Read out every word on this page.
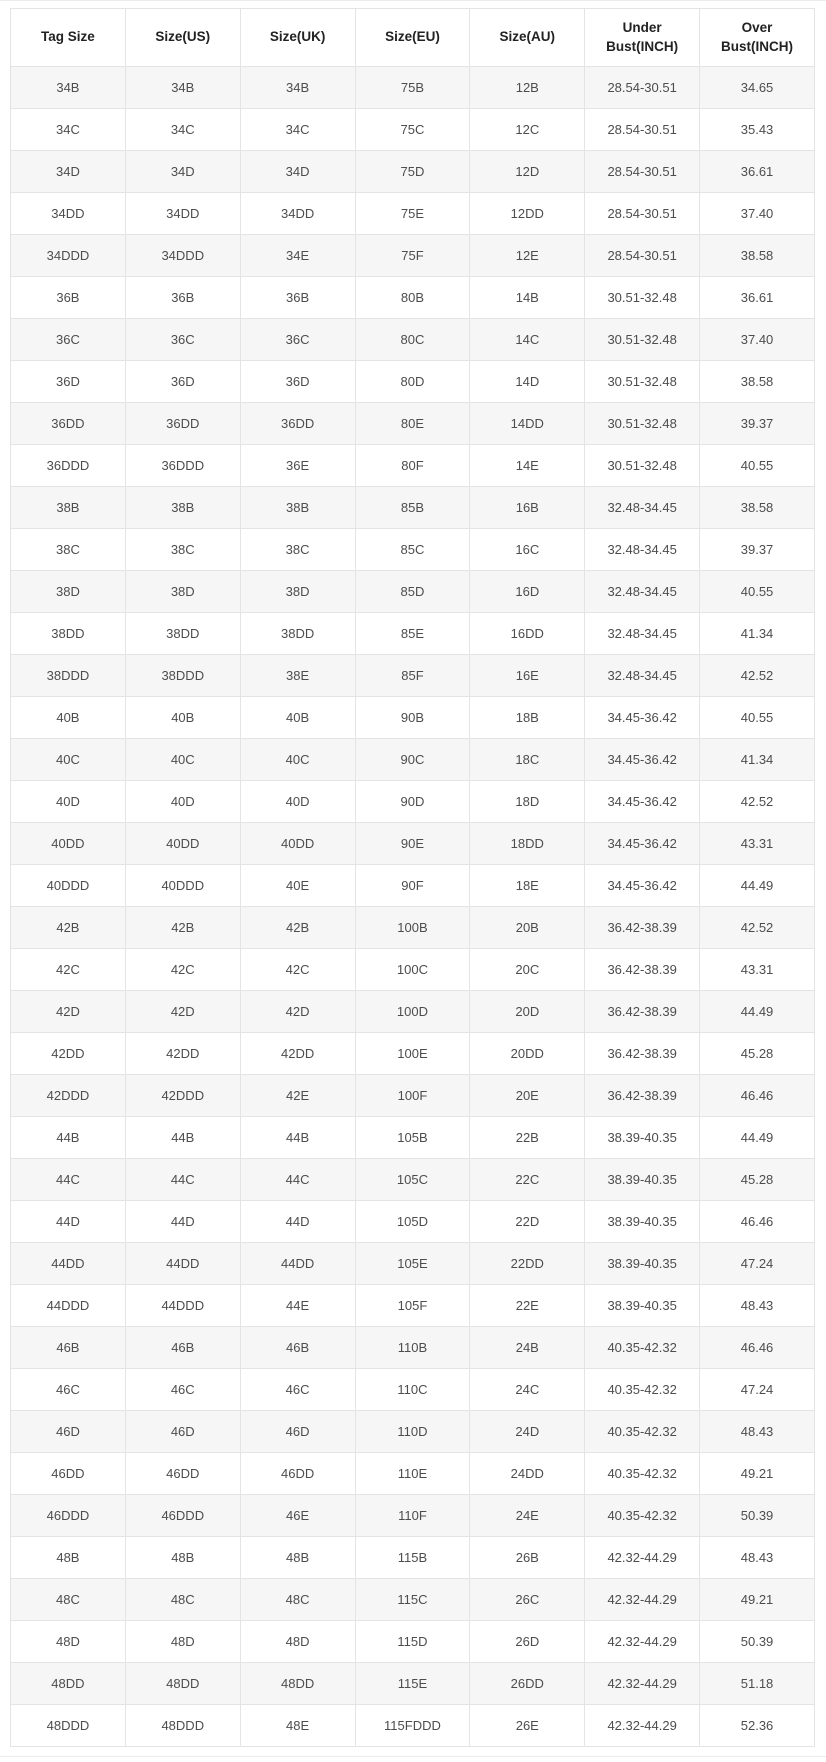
Tag Size	Size(US)	Size(UK)	Size(EU)	Size(AU)	Under Bust(INCH)	Over Bust(INCH)
34B	34B	34B	75B	12B	28.54-30.51	34.65
34C	34C	34C	75C	12C	28.54-30.51	35.43
34D	34D	34D	75D	12D	28.54-30.51	36.61
34DD	34DD	34DD	75E	12DD	28.54-30.51	37.40
34DDD	34DDD	34E	75F	12E	28.54-30.51	38.58
36B	36B	36B	80B	14B	30.51-32.48	36.61
36C	36C	36C	80C	14C	30.51-32.48	37.40
36D	36D	36D	80D	14D	30.51-32.48	38.58
36DD	36DD	36DD	80E	14DD	30.51-32.48	39.37
36DDD	36DDD	36E	80F	14E	30.51-32.48	40.55
38B	38B	38B	85B	16B	32.48-34.45	38.58
38C	38C	38C	85C	16C	32.48-34.45	39.37
38D	38D	38D	85D	16D	32.48-34.45	40.55
38DD	38DD	38DD	85E	16DD	32.48-34.45	41.34
38DDD	38DDD	38E	85F	16E	32.48-34.45	42.52
40B	40B	40B	90B	18B	34.45-36.42	40.55
40C	40C	40C	90C	18C	34.45-36.42	41.34
40D	40D	40D	90D	18D	34.45-36.42	42.52
40DD	40DD	40DD	90E	18DD	34.45-36.42	43.31
40DDD	40DDD	40E	90F	18E	34.45-36.42	44.49
42B	42B	42B	100B	20B	36.42-38.39	42.52
42C	42C	42C	100C	20C	36.42-38.39	43.31
42D	42D	42D	100D	20D	36.42-38.39	44.49
42DD	42DD	42DD	100E	20DD	36.42-38.39	45.28
42DDD	42DDD	42E	100F	20E	36.42-38.39	46.46
44B	44B	44B	105B	22B	38.39-40.35	44.49
44C	44C	44C	105C	22C	38.39-40.35	45.28
44D	44D	44D	105D	22D	38.39-40.35	46.46
44DD	44DD	44DD	105E	22DD	38.39-40.35	47.24
44DDD	44DDD	44E	105F	22E	38.39-40.35	48.43
46B	46B	46B	110B	24B	40.35-42.32	46.46
46C	46C	46C	110C	24C	40.35-42.32	47.24
46D	46D	46D	110D	24D	40.35-42.32	48.43
46DD	46DD	46DD	110E	24DD	40.35-42.32	49.21
46DDD	46DDD	46E	110F	24E	40.35-42.32	50.39
48B	48B	48B	115B	26B	42.32-44.29	48.43
48C	48C	48C	115C	26C	42.32-44.29	49.21
48D	48D	48D	115D	26D	42.32-44.29	50.39
48DD	48DD	48DD	115E	26DD	42.32-44.29	51.18
48DDD	48DDD	48E	115FDDD	26E	42.32-44.29	52.36
